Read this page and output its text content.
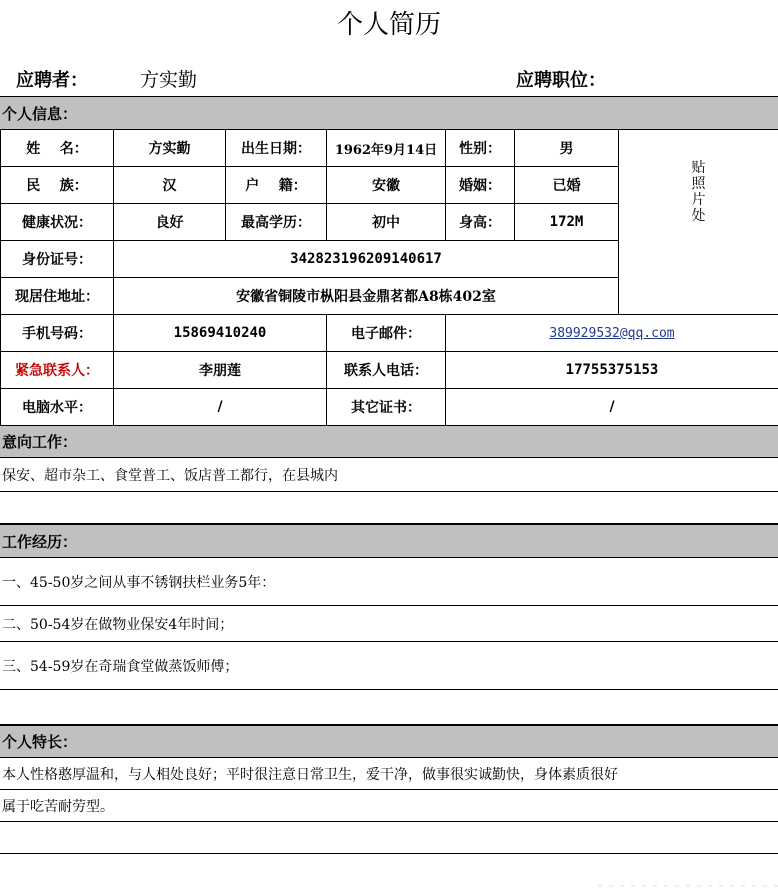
个人简历
应聘者：	方实勤	应聘职位：
个人信息：
姓    名：	方实勤	出生日期：	1962年9月14日	性别：	男	贴照片处

民    族：	汉	户    籍：	安徽	婚姻：	已婚	
健康状况：	良好	最高学历：	初中	身高：	172M	
身份证号：	342823196209140617					
现居住地址：	安徽省铜陵市枞阳县金鼎茗都A8栋402室					
手机号码：	15869410240		电子邮件：	389929532@qq.com		
紧急联系人：	李朋莲		联系人电话：	17755375153		
电脑水平：	/		其它证书：	/		
意向工作：
保安、超市杂工、食堂普工、饭店普工都行，在县城内
工作经历：
一、45-50岁之间从事不锈钢扶栏业务5年：
二、50-54岁在做物业保安4年时间；
三、54-59岁在奇瑞食堂做蒸饭师傅；
个人特长：
本人性格憨厚温和，与人相处良好；平时很注意日常卫生，爱干净，做事很实诚勤快，身体素质很好
属于吃苦耐劳型。
